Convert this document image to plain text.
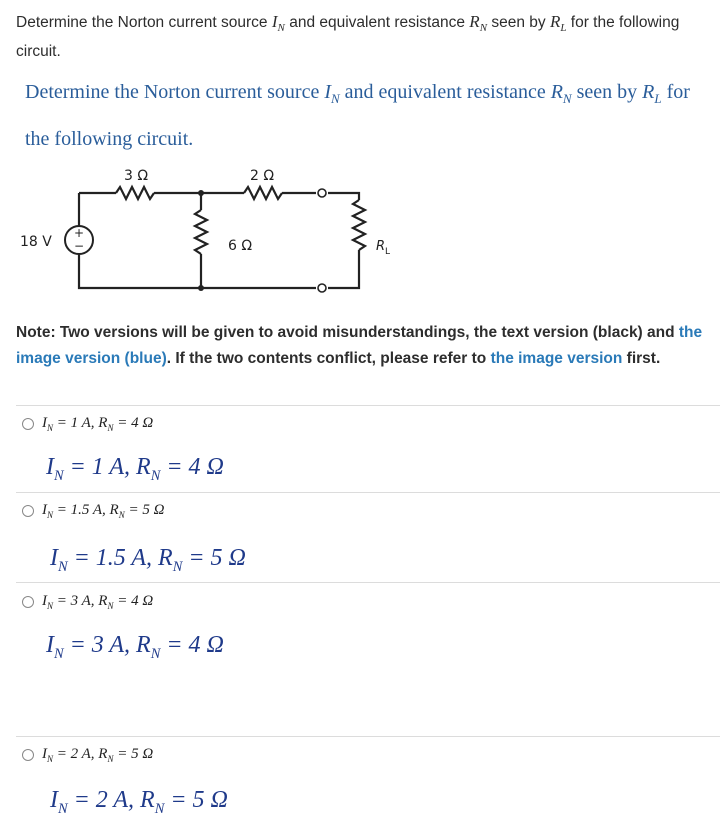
Determine the Norton current source $I_N$ and equivalent resistance $R_N$ seen by $R_L$ for the following circuit.
Determine the Norton current source $I_N$ and equivalent resistance $R_N$ seen by $R_L$ for the following circuit.
+
−
18 V
3 Ω	2 Ω
6 Ω	R L
Note: Two versions will be given to avoid misunderstandings, the text version (black) and the image version (blue). If the two contents conflict, please refer to the image version first.
$I_N = 1$ A, $R_N = 4$ Ω
$I_N = 1$ A, $R_N = 4$ Ω
$I_N = 1.5$ A, $R_N = 5$ Ω
$I_N = 1.5$ A, $R_N = 5$ Ω
$I_N = 3$ A, $R_N = 4$ Ω
$I_N = 3$ A, $R_N = 4$ Ω
$I_N = 2$ A, $R_N = 5$ Ω
$I_N = 2$ A, $R_N = 5$ Ω
